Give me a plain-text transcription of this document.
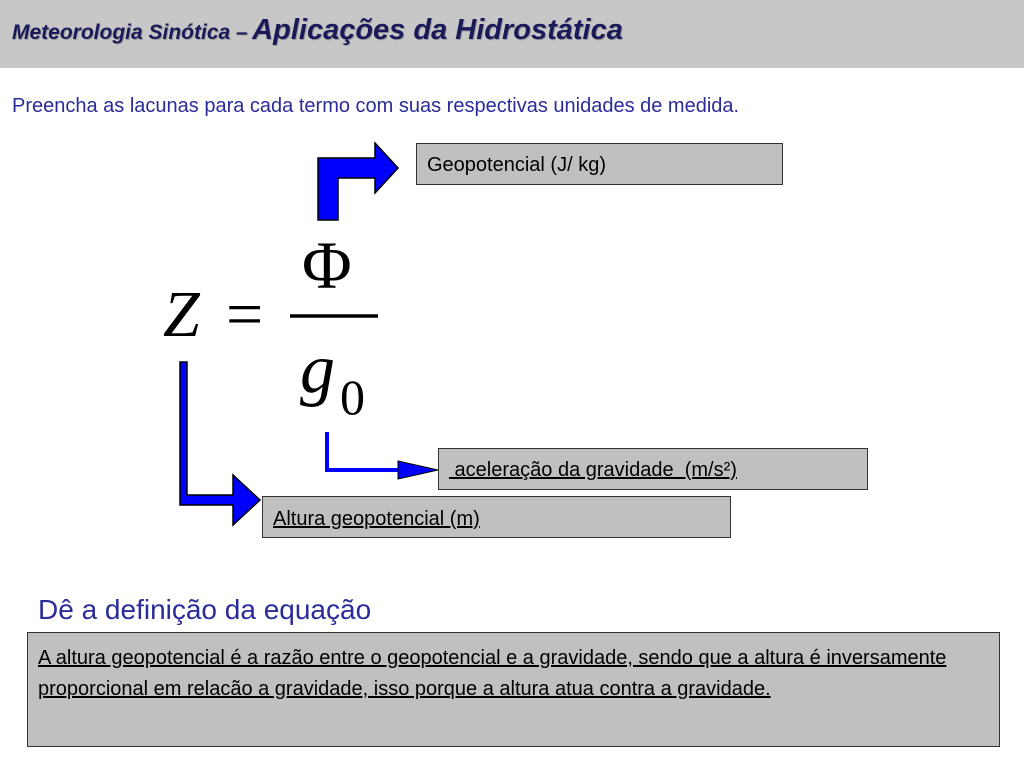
Meteorologia Sinótica – Aplicações da Hidrostática
Preencha as lacunas para cada termo com suas respectivas unidades de medida.
Z =
Φ
g 0
Geopotencial (J/ kg)
aceleração da gravidade  (m/s²)
Altura geopotencial (m)
Dê a definição da equação
A altura geopotencial é a razão entre o geopotencial e a gravidade, sendo que a altura é inversamente proporcional em relacão a gravidade, isso porque a altura atua contra a gravidade.
